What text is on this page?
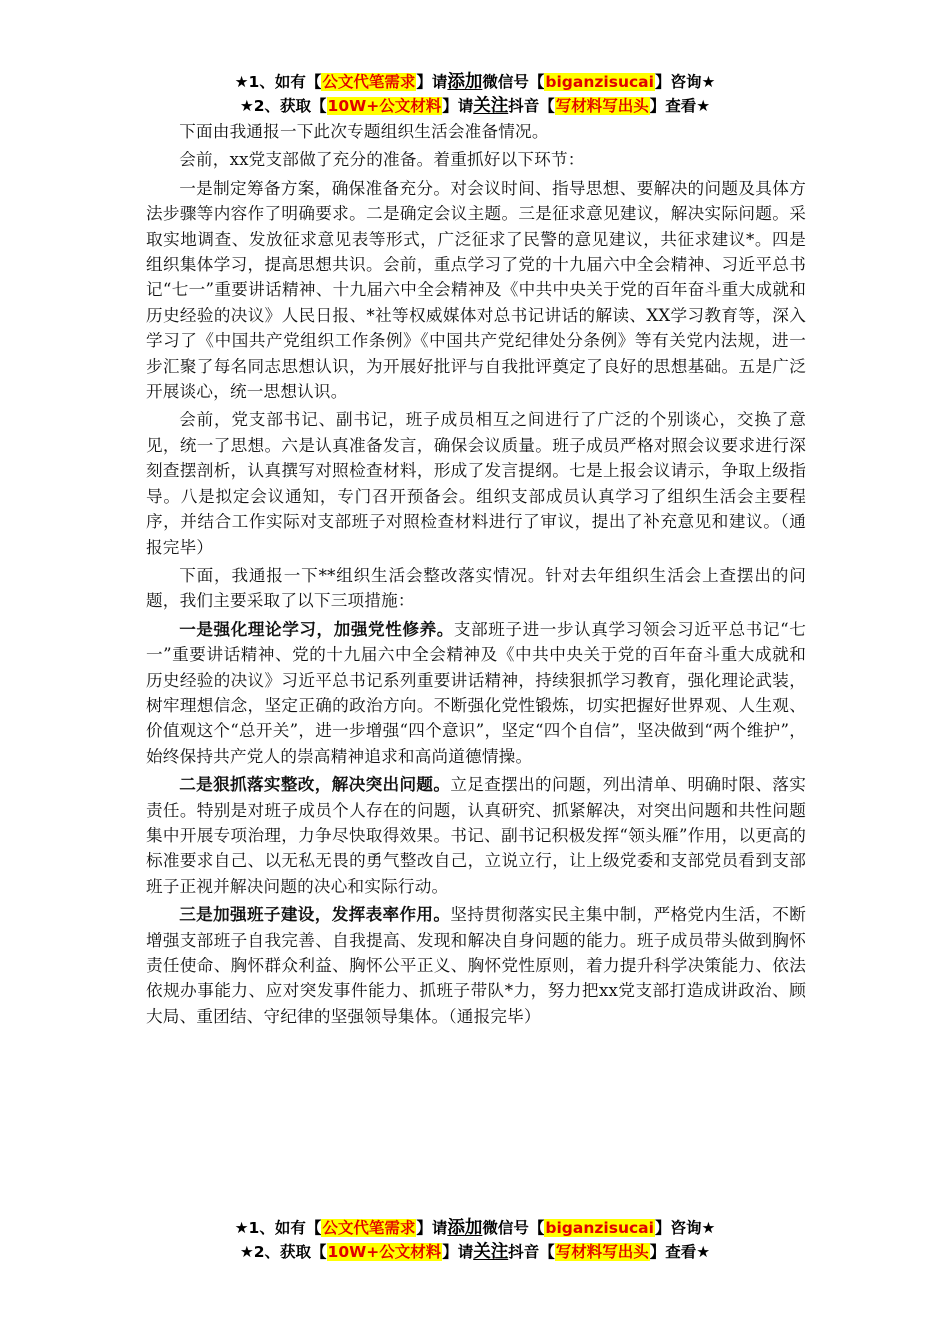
★1、如有【公文代笔需求】请添加微信号【biganzisucai】咨询★
★2、获取【10W+公文材料】请关注抖音【写材料写出头】查看★

下面由我通报一下此次专题组织生活会准备情况。

会前，xx党支部做了充分的准备。着重抓好以下环节：

一是制定筹备方案，确保准备充分。对会议时间、指导思想、要解决的问题及具体方法步骤等内容作了明确要求。二是确定会议主题。三是征求意见建议，解决实际问题。采取实地调查、发放征求意见表等形式，广泛征求了民警的意见建议，共征求建议*。四是组织集体学习，提高思想共识。会前，重点学习了党的十九届六中全会精神、习近平总书记“七一”重要讲话精神、十九届六中全会精神及《中共中央关于党的百年奋斗重大成就和历史经验的决议》人民日报、*社等权威媒体对总书记讲话的解读、XX学习教育等，深入学习了《中国共产党组织工作条例》《中国共产党纪律处分条例》等有关党内法规，进一步汇聚了每名同志思想认识，为开展好批评与自我批评奠定了良好的思想基础。五是广泛开展谈心，统一思想认识。

会前，党支部书记、副书记，班子成员相互之间进行了广泛的个别谈心，交换了意见，统一了思想。六是认真准备发言，确保会议质量。班子成员严格对照会议要求进行深刻查摆剖析，认真撰写对照检查材料，形成了发言提纲。七是上报会议请示，争取上级指导。八是拟定会议通知，专门召开预备会。组织支部成员认真学习了组织生活会主要程序，并结合工作实际对支部班子对照检查材料进行了审议，提出了补充意见和建议。（通报完毕）

下面，我通报一下**组织生活会整改落实情况。针对去年组织生活会上查摆出的问题，我们主要采取了以下三项措施：

一是强化理论学习，加强党性修养。支部班子进一步认真学习领会习近平总书记“七一”重要讲话精神、党的十九届六中全会精神及《中共中央关于党的百年奋斗重大成就和历史经验的决议》习近平总书记系列重要讲话精神，持续狠抓学习教育，强化理论武装，树牢理想信念，坚定正确的政治方向。不断强化党性锻炼，切实把握好世界观、人生观、价值观这个“总开关”，进一步增强“四个意识”，坚定“四个自信”，坚决做到“两个维护”，始终保持共产党人的崇高精神追求和高尚道德情操。

二是狠抓落实整改，解决突出问题。立足查摆出的问题，列出清单、明确时限、落实责任。特别是对班子成员个人存在的问题，认真研究、抓紧解决，对突出问题和共性问题集中开展专项治理，力争尽快取得效果。书记、副书记积极发挥“领头雁”作用，以更高的标准要求自己、以无私无畏的勇气整改自己，立说立行，让上级党委和支部党员看到支部班子正视并解决问题的决心和实际行动。

三是加强班子建设，发挥表率作用。坚持贯彻落实民主集中制，严格党内生活，不断增强支部班子自我完善、自我提高、发现和解决自身问题的能力。班子成员带头做到胸怀责任使命、胸怀群众利益、胸怀公平正义、胸怀党性原则，着力提升科学决策能力、依法依规办事能力、应对突发事件能力、抓班子带队*力，努力把xx党支部打造成讲政治、顾大局、重团结、守纪律的坚强领导集体。（通报完毕）

★1、如有【公文代笔需求】请添加微信号【biganzisucai】咨询★
★2、获取【10W+公文材料】请关注抖音【写材料写出头】查看★
